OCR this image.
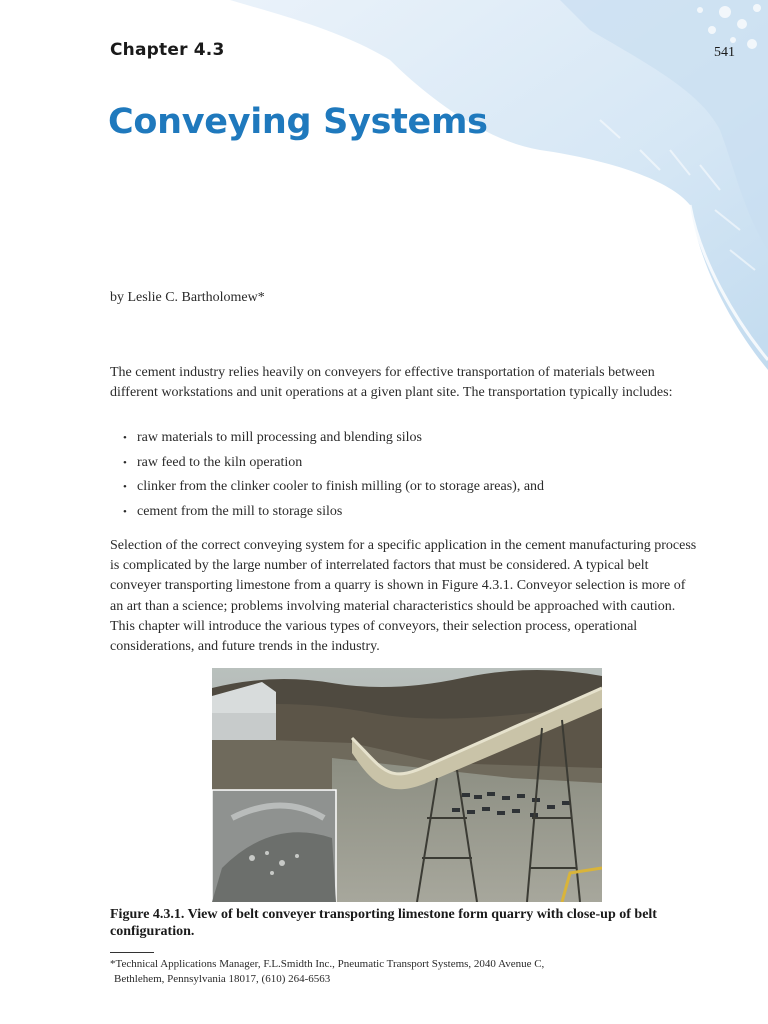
Chapter 4.3	541
Conveying Systems
by Leslie C. Bartholomew*

The cement industry relies heavily on conveyers for effective transportation of materials between different workstations and unit operations at a given plant site. The transportation typically includes:

• raw materials to mill processing and blending silos
• raw feed to the kiln operation
• clinker from the clinker cooler to finish milling (or to storage areas), and
• cement from the mill to storage silos

Selection of the correct conveying system for a specific application in the cement manufacturing process is complicated by the large number of interrelated factors that must be considered. A typical belt conveyer transporting limestone from a quarry is shown in Figure 4.3.1. Conveyor selection is more of an art than a science; problems involving material characteristics should be approached with caution. This chapter will introduce the various types of conveyors, their selection process, operational considerations, and future trends in the industry.

Figure 4.3.1. View of belt conveyer transporting limestone form quarry with close-up of belt configuration.

*Technical Applications Manager, F.L.Smidth Inc., Pneumatic Transport Systems, 2040 Avenue C,
Bethlehem, Pennsylvania 18017, (610) 264-6563
